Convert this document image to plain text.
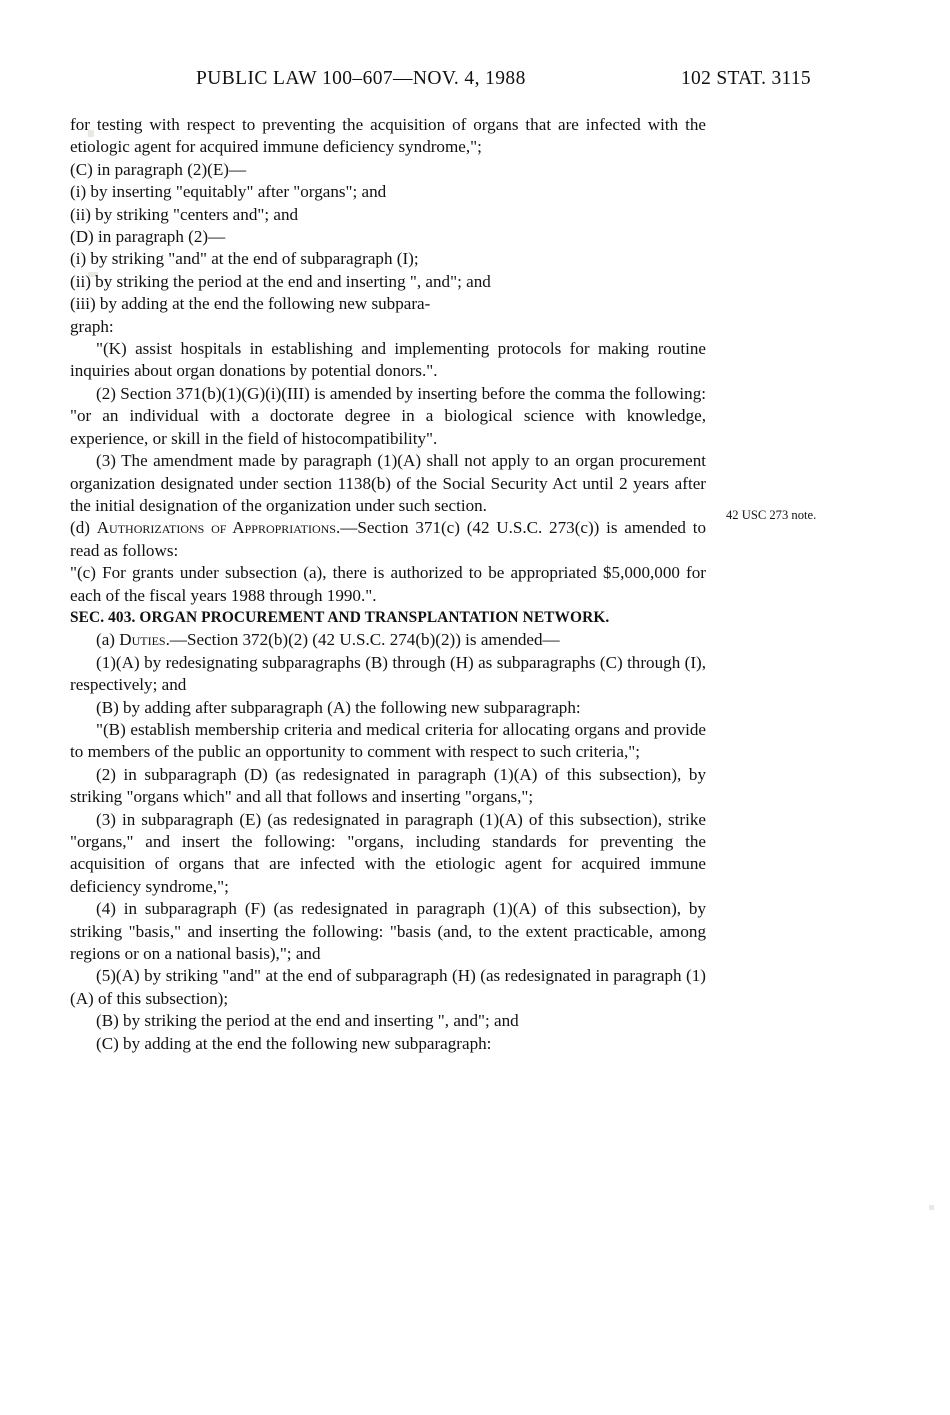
PUBLIC LAW 100–607—NOV. 4, 1988	102 STAT. 3115
42 USC 273 note.

for testing with respect to preventing the acquisition of organs that are infected with the etiologic agent for acquired immune deficiency syndrome,";

(C) in paragraph (2)(E)—

(i) by inserting "equitably" after "organs"; and

(ii) by striking "centers and"; and

(D) in paragraph (2)—

(i) by striking "and" at the end of subparagraph (I);

(ii) by striking the period at the end and inserting ", and"; and

(iii) by adding at the end the following new subpara-

graph:

"(K) assist hospitals in establishing and implementing protocols for making routine inquiries about organ donations by potential donors.".

(2) Section 371(b)(1)(G)(i)(III) is amended by inserting before the comma the following: "or an individual with a doctorate degree in a biological science with knowledge, experience, or skill in the field of histocompatibility".

(3) The amendment made by paragraph (1)(A) shall not apply to an organ procurement organization designated under section 1138(b) of the Social Security Act until 2 years after the initial designation of the organization under such section.

(d) Authorizations of Appropriations.—Section 371(c) (42 U.S.C. 273(c)) is amended to read as follows:

"(c) For grants under subsection (a), there is authorized to be appropriated $5,000,000 for each of the fiscal years 1988 through 1990.".

SEC. 403. ORGAN PROCUREMENT AND TRANSPLANTATION NETWORK.

(a) Duties.—Section 372(b)(2) (42 U.S.C. 274(b)(2)) is amended—

(1)(A) by redesignating subparagraphs (B) through (H) as subparagraphs (C) through (I), respectively; and

(B) by adding after subparagraph (A) the following new subparagraph:

"(B) establish membership criteria and medical criteria for allocating organs and provide to members of the public an opportunity to comment with respect to such criteria,";

(2) in subparagraph (D) (as redesignated in paragraph (1)(A) of this subsection), by striking "organs which" and all that follows and inserting "organs,";

(3) in subparagraph (E) (as redesignated in paragraph (1)(A) of this subsection), strike "organs," and insert the following: "organs, including standards for preventing the acquisition of organs that are infected with the etiologic agent for acquired immune deficiency syndrome,";

(4) in subparagraph (F) (as redesignated in paragraph (1)(A) of this subsection), by striking "basis," and inserting the following: "basis (and, to the extent practicable, among regions or on a national basis),"; and

(5)(A) by striking "and" at the end of subparagraph (H) (as redesignated in paragraph (1)(A) of this subsection);

(B) by striking the period at the end and inserting ", and"; and

(C) by adding at the end the following new subparagraph:
